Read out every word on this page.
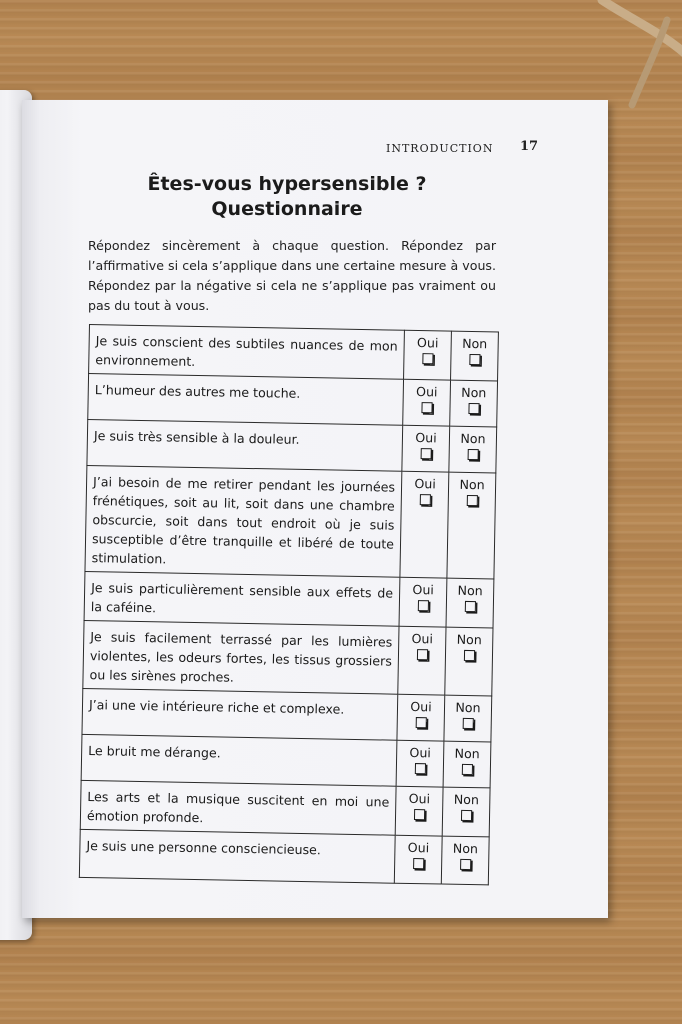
INTRODUCTION 17
Êtes-vous hypersensible ?
Questionnaire
Répondez sincèrement à chaque question. Répondez par l’affirmative si cela s’applique dans une certaine mesure à vous. Répondez par la négative si cela ne s’applique pas vraiment ou pas du tout à vous.
Je suis conscient des subtiles nuances de mon environnement.	Oui	Non

L’humeur des autres me touche.	Oui	Non

Je suis très sensible à la douleur.	Oui	Non

J’ai besoin de me retirer pendant les journées frénétiques, soit au lit, soit dans une chambre obscurcie, soit dans tout endroit où je suis susceptible d’être tranquille et libéré de toute stimulation.	Oui	Non

Je suis particulièrement sensible aux effets de la caféine.	Oui	Non

Je suis facilement terrassé par les lumières violentes, les odeurs fortes, les tissus grossiers ou les sirènes proches.	Oui	Non

J’ai une vie intérieure riche et complexe.	Oui	Non

Le bruit me dérange.	Oui	Non

Les arts et la musique suscitent en moi une émotion profonde.	Oui	Non

Je suis une personne consciencieuse.	Oui	Non
